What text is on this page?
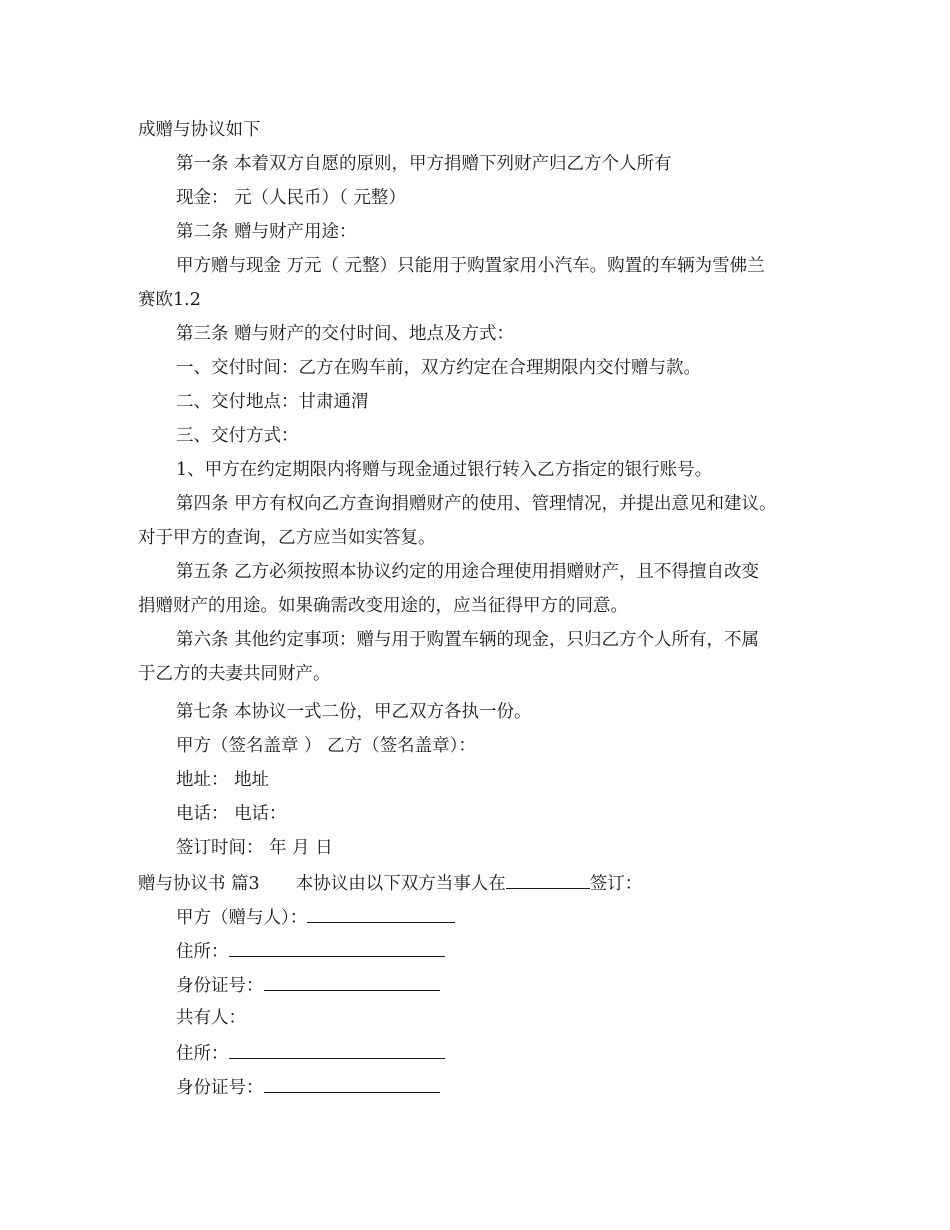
成赠与协议如下
第一条 本着双方自愿的原则，甲方捐赠下列财产归乙方个人所有
现金： 元（人民币）（ 元整）
第二条 赠与财产用途：
甲方赠与现金 万元（ 元整）只能用于购置家用小汽车。购置的车辆为雪佛兰
赛欧1.2
第三条 赠与财产的交付时间、地点及方式：
一、交付时间：乙方在购车前，双方约定在合理期限内交付赠与款。
二、交付地点：甘肃通渭
三、交付方式：
1、甲方在约定期限内将赠与现金通过银行转入乙方指定的银行账号。
第四条 甲方有权向乙方查询捐赠财产的使用、管理情况，并提出意见和建议。
对于甲方的查询，乙方应当如实答复。
第五条 乙方必须按照本协议约定的用途合理使用捐赠财产，且不得擅自改变
捐赠财产的用途。如果确需改变用途的，应当征得甲方的同意。
第六条 其他约定事项：赠与用于购置车辆的现金，只归乙方个人所有，不属
于乙方的夫妻共同财产。
第七条 本协议一式二份，甲乙双方各执一份。
甲方（签名盖章 ） 乙方（签名盖章）：
地址： 地址
电话： 电话：
签订时间： 年 月 日
赠与协议书 篇3 本协议由以下双方当事人在	签订：
甲方（赠与人）：
住所：
身份证号：
共有人：
住所：
身份证号：
